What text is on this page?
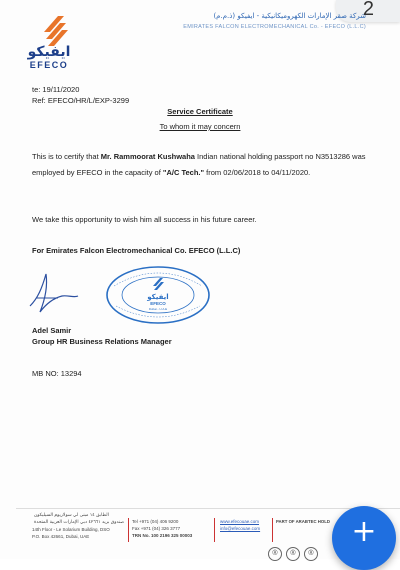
2
ايفيكو
EFECO
شركة صقر الإمارات الكهروميكانيكية - ايفيكو (ذ.م.م)
EMIRATES FALCON ELECTROMECHANICAL Co. - EFECO (L.L.C)
te: 19/11/2020
Ref: EFECO/HR/L/EXP-3299
Service Certificate
To whom it may concern
This is to certify that Mr. Rammoorat Kushwaha Indian national holding passport no N3513286 was employed by EFECO in the capacity of "A/C Tech." from 02/06/2018 to 04/11/2020.
We take this opportunity to wish him all success in his future career.
For Emirates Falcon Electromechanical Co. EFECO (L.L.C)
ايفيكو
EFECO
Dubai - U.A.E
Adel Samir
Group HR Business Relations Manager
MB NO: 13294
الطابق ١٤ مبنى لي سولاريوم السيليكون
صندوق بريد ٤٢٦٦١ دبي الإمارات العربية المتحدة
14th Floor - Le Solarium Building, DSO
P.O. Box 42661, Dubai, UAE
Tel +971 (04) 406 9200
Fax +971 (04) 326 3777
TRN No. 100 2196 325 00003
www.efecouae.com
info@efecouae.com
PART OF ARABTEC HOLD
® ® ®
+
